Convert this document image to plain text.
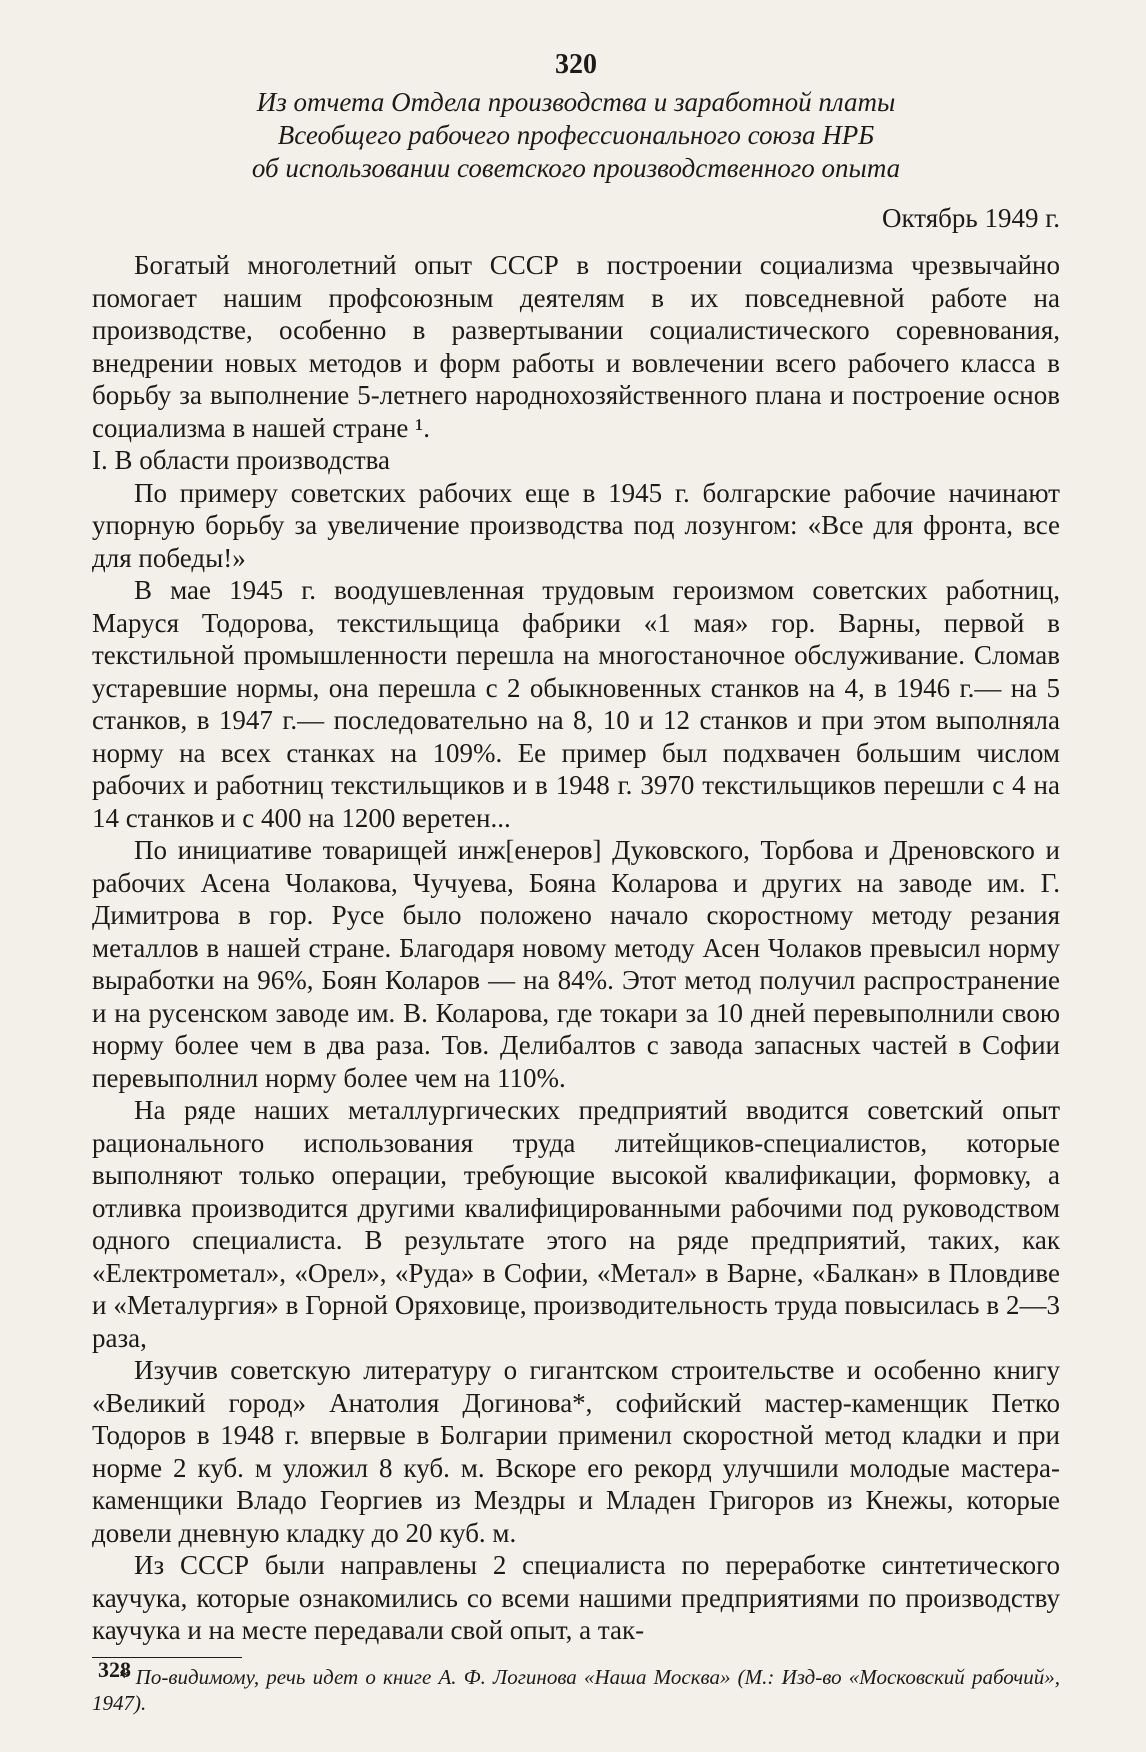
320

Из отчета Отдела производства и заработной платы

Всеобщего рабочего профессионального союза НРБ

об использовании советского производственного опыта

Октябрь 1949 г.

Богатый многолетний опыт СССР в построении социализма чрезвычайно помогает нашим профсоюзным деятелям в их повседневной работе на производстве, особенно в развертывании социалистического соревнования, внедрении новых методов и форм работы и вовлечении всего рабочего класса в борьбу за выполнение 5-летнего народнохозяйственного плана и построение основ социализма в нашей стране ¹.

I. В области производства

По примеру советских рабочих еще в 1945 г. болгарские рабочие начинают упорную борьбу за увеличение производства под лозунгом: «Все для фронта, все для победы!»

В мае 1945 г. воодушевленная трудовым героизмом советских работниц, Маруся Тодорова, текстильщица фабрики «1 мая» гор. Варны, первой в текстильной промышленности перешла на многостаночное обслуживание. Сломав устаревшие нормы, она перешла с 2 обыкновенных станков на 4, в 1946 г.— на 5 станков, в 1947 г.— последовательно на 8, 10 и 12 станков и при этом выполняла норму на всех станках на 109%. Ее пример был подхвачен большим числом рабочих и работниц текстильщиков и в 1948 г. 3970 текстильщиков перешли с 4 на 14 станков и с 400 на 1200 веретен...

По инициативе товарищей инж[енеров] Дуковского, Торбова и Дреновского и рабочих Асена Чолакова, Чучуева, Бояна Коларова и других на заводе им. Г. Димитрова в гор. Русе было положено начало скоростному методу резания металлов в нашей стране. Благодаря новому методу Асен Чолаков превысил норму выработки на 96%, Боян Коларов — на 84%. Этот метод получил распространение и на русенском заводе им. В. Коларова, где токари за 10 дней перевыполнили свою норму более чем в два раза. Тов. Делибалтов с завода запасных частей в Софии перевыполнил норму более чем на 110%.

На ряде наших металлургических предприятий вводится советский опыт рационального использования труда литейщиков-специалистов, которые выполняют только операции, требующие высокой квалификации, формовку, а отливка производится другими квалифицированными рабочими под руководством одного специалиста. В результате этого на ряде предприятий, таких, как «Електрометал», «Орел», «Руда» в Софии, «Метал» в Варне, «Балкан» в Пловдиве и «Металургия» в Горной Оряховице, производительность труда повысилась в 2—3 раза,

Изучив советскую литературу о гигантском строительстве и особенно книгу «Великий город» Анатолия Догинова*, софийский мастер-каменщик Петко Тодоров в 1948 г. впервые в Болгарии применил скоростной метод кладки и при норме 2 куб. м уложил 8 куб. м. Вскоре его рекорд улучшили молодые мастера-каменщики Владо Георгиев из Мездры и Младен Григоров из Кнежы, которые довели дневную кладку до 20 куб. м.

Из СССР были направлены 2 специалиста по переработке синтетического каучука, которые ознакомились со всеми нашими предприятиями по производству каучука и на месте передавали свой опыт, а так-

* По-видимому, речь идет о книге А. Ф. Логинова «Наша Москва» (М.: Изд-во «Московский рабочий», 1947).

328
